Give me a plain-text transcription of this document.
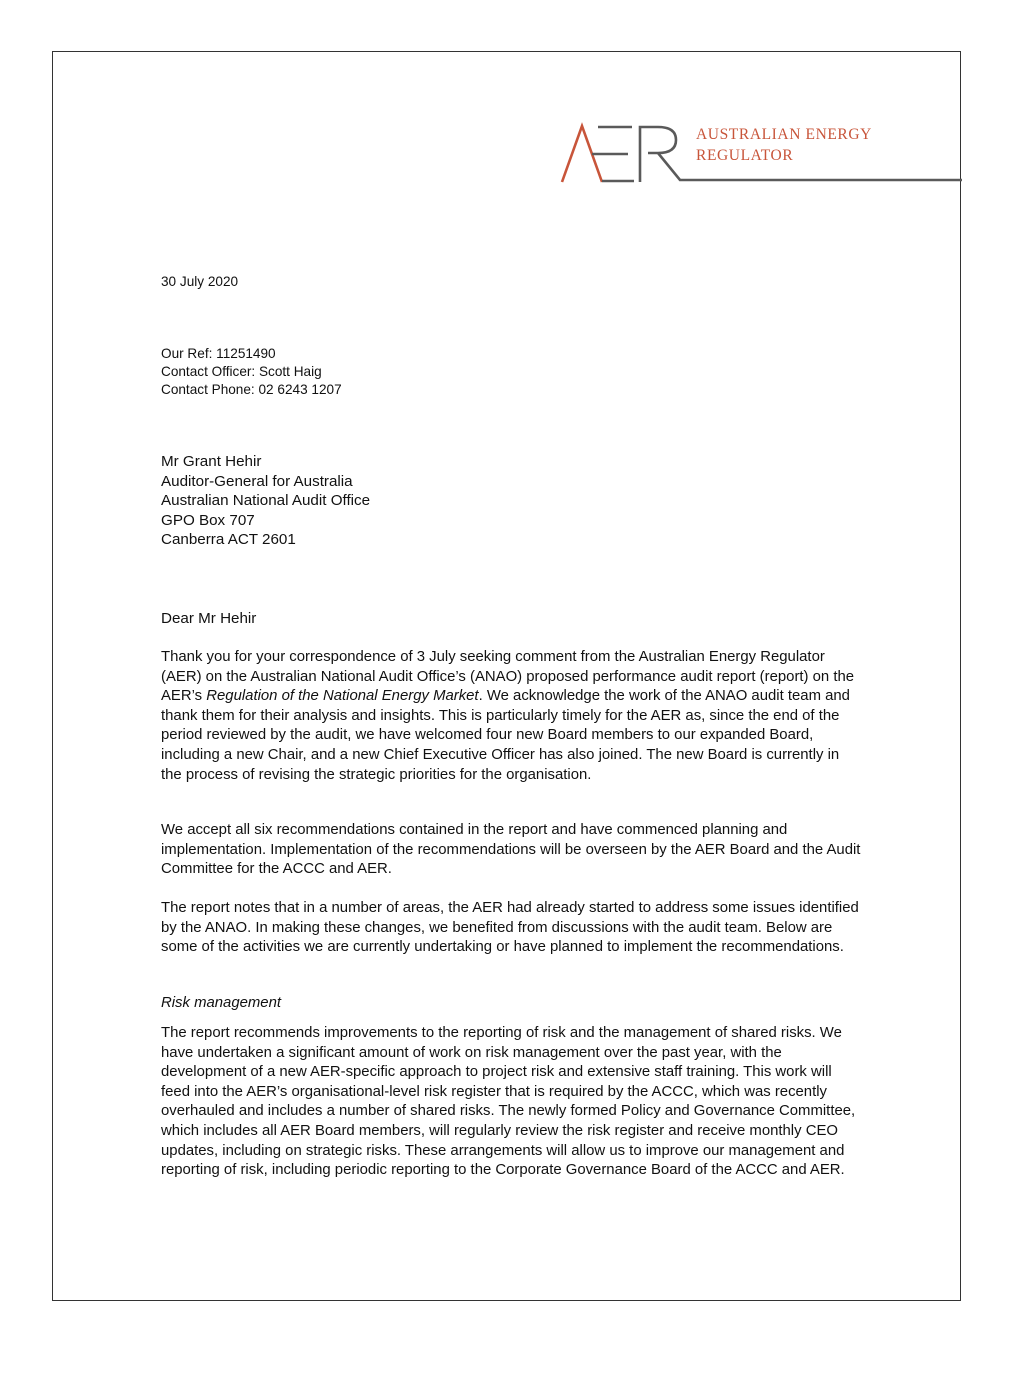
AUSTRALIAN ENERGY
REGULATOR
30 July 2020
Our Ref: 11251490
Contact Officer: Scott Haig
Contact Phone: 02 6243 1207
Mr Grant Hehir
Auditor-General for Australia
Australian National Audit Office
GPO Box 707
Canberra ACT 2601
Dear Mr Hehir

Thank you for your correspondence of 3 July seeking comment from the Australian Energy Regulator (AER) on the Australian National Audit Office’s (ANAO) proposed performance audit report (report) on the AER’s Regulation of the National Energy Market. We acknowledge the work of the ANAO audit team and thank them for their analysis and insights. This is particularly timely for the AER as, since the end of the period reviewed by the audit, we have welcomed four new Board members to our expanded Board, including a new Chair, and a new Chief Executive Officer has also joined. The new Board is currently in the process of revising the strategic priorities for the organisation.

We accept all six recommendations contained in the report and have commenced planning and implementation. Implementation of the recommendations will be overseen by the AER Board and the Audit Committee for the ACCC and AER.

The report notes that in a number of areas, the AER had already started to address some issues identified by the ANAO. In making these changes, we benefited from discussions with the audit team. Below are some of the activities we are currently undertaking or have planned to implement the recommendations.

Risk management

The report recommends improvements to the reporting of risk and the management of shared risks. We have undertaken a significant amount of work on risk management over the past year, with the development of a new AER-specific approach to project risk and extensive staff training. This work will feed into the AER’s organisational-level risk register that is required by the ACCC, which was recently overhauled and includes a number of shared risks. The newly formed Policy and Governance Committee, which includes all AER Board members, will regularly review the risk register and receive monthly CEO updates, including on strategic risks. These arrangements will allow us to improve our management and reporting of risk, including periodic reporting to the Corporate Governance Board of the ACCC and AER.
